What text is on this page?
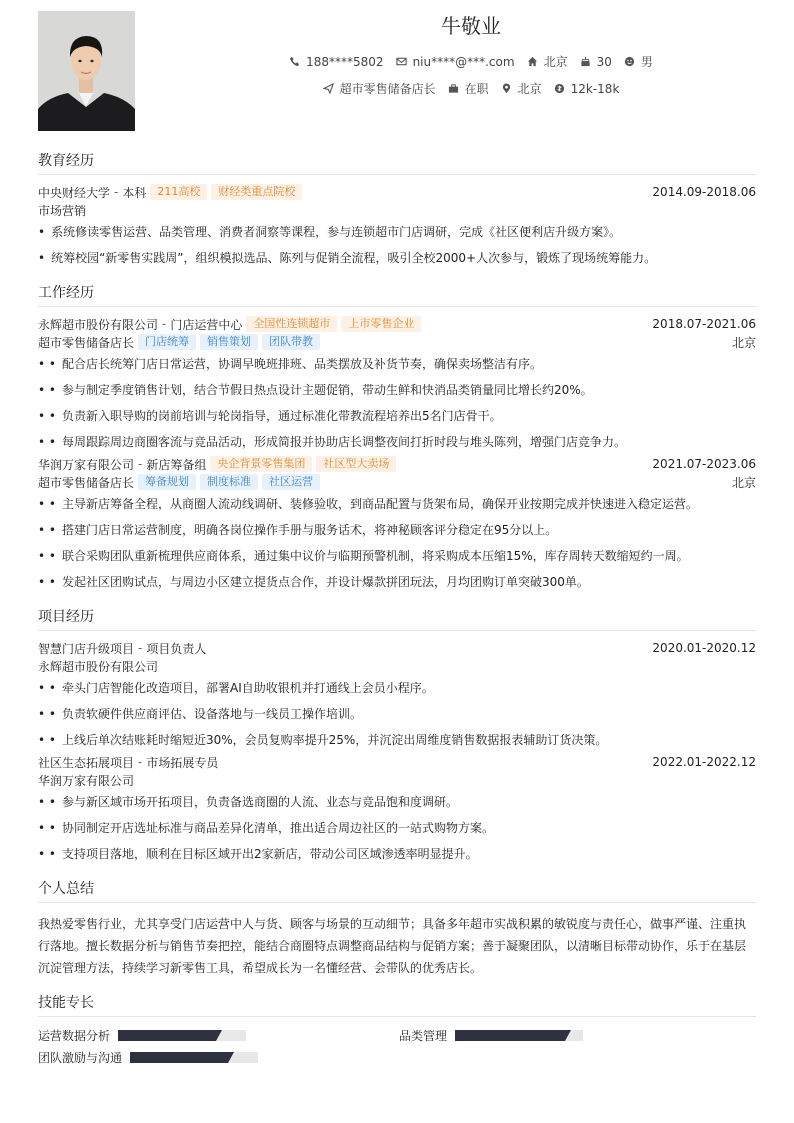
牛敬业
188****5802 niu****@***.com 北京 30 男
超市零售储备店长 在职 北京 12k-18k
教育经历
中央财经大学 - 本科	211高校	财经类重点院校	2014.09-2018.06
市场营销
• 系统修读零售运营、品类管理、消费者洞察等课程，参与连锁超市门店调研，完成《社区便利店升级方案》。
• 统筹校园“新零售实践周”，组织模拟选品、陈列与促销全流程，吸引全校2000+人次参与，锻炼了现场统筹能力。
工作经历
永辉超市股份有限公司 - 门店运营中心	全国性连锁超市	上市零售企业	2018.07-2021.06
超市零售储备店长	门店统筹	销售策划	团队带教	北京
• • 配合店长统筹门店日常运营，协调早晚班排班、品类摆放及补货节奏，确保卖场整洁有序。
• • 参与制定季度销售计划，结合节假日热点设计主题促销，带动生鲜和快消品类销量同比增长约20%。
• • 负责新入职导购的岗前培训与轮岗指导，通过标准化带教流程培养出5名门店骨干。
• • 每周跟踪周边商圈客流与竞品活动，形成简报并协助店长调整夜间打折时段与堆头陈列，增强门店竞争力。
华润万家有限公司 - 新店筹备组	央企背景零售集团	社区型大卖场	2021.07-2023.06
超市零售储备店长	筹备规划	制度标准	社区运营	北京
• • 主导新店筹备全程，从商圈人流动线调研、装修验收，到商品配置与货架布局，确保开业按期完成并快速进入稳定运营。
• • 搭建门店日常运营制度，明确各岗位操作手册与服务话术，将神秘顾客评分稳定在95分以上。
• • 联合采购团队重新梳理供应商体系，通过集中议价与临期预警机制，将采购成本压缩15%，库存周转天数缩短约一周。
• • 发起社区团购试点，与周边小区建立提货点合作，并设计爆款拼团玩法，月均团购订单突破300单。
项目经历
智慧门店升级项目 - 项目负责人	2020.01-2020.12
永辉超市股份有限公司
• • 牵头门店智能化改造项目，部署AI自助收银机并打通线上会员小程序。
• • 负责软硬件供应商评估、设备落地与一线员工操作培训。
• • 上线后单次结账耗时缩短近30%，会员复购率提升25%，并沉淀出周维度销售数据报表辅助订货决策。
社区生态拓展项目 - 市场拓展专员	2022.01-2022.12
华润万家有限公司
• • 参与新区域市场开拓项目，负责备选商圈的人流、业态与竞品饱和度调研。
• • 协同制定开店选址标准与商品差异化清单，推出适合周边社区的一站式购物方案。
• • 支持项目落地，顺利在目标区域开出2家新店，带动公司区域渗透率明显提升。
个人总结
我热爱零售行业，尤其享受门店运营中人与货、顾客与场景的互动细节；具备多年超市实战积累的敏锐度与责任心，做事严谨、注重执行落地。擅长数据分析与销售节奏把控，能结合商圈特点调整商品结构与促销方案；善于凝聚团队，以清晰目标带动协作，乐于在基层沉淀管理方法，持续学习新零售工具，希望成长为一名懂经营、会带队的优秀店长。
技能专长
运营数据分析	品类管理
团队激励与沟通
